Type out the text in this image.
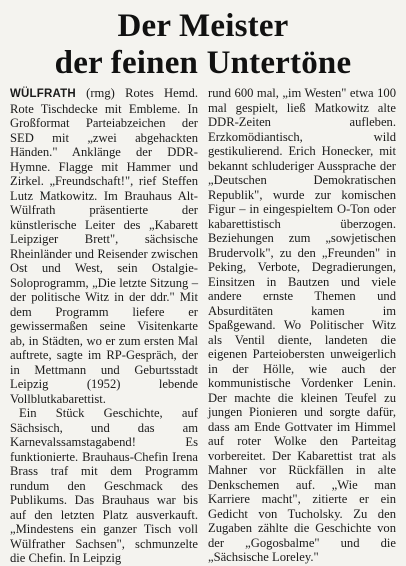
Der Meister
der feinen Untertöne

WÜLFRATH (rmg) Rotes Hemd. Rote Tischdecke mit Embleme. In Großformat Parteiabzeichen der SED mit „zwei abgehackten Händen." Anklänge der DDR- Hymne. Flagge mit Hammer und Zirkel. „Freundschaft!", rief Steffen Lutz Matkowitz. Im Brauhaus Alt-Wülfrath präsentierte der künstlerische Leiter des „Kabarett Leipziger Brett", sächsische Rheinländer und Reisender zwischen Ost und West, sein Ostalgie-Soloprogramm, „Die letzte Sitzung – der politische Witz in der ddr." Mit dem Programm liefere er gewissermaßen seine Visitenkarte ab, in Städten, wo er zum ersten Mal auftrete, sagte im RP-Gespräch, der in Mettmann und Geburtsstadt Leipzig (1952) lebende Vollblutkabarettist.

Ein Stück Geschichte, auf Sächsisch, und das am Karnevalssamstagabend! Es funktionierte. Brauhaus-Chefin Irena Brass traf mit dem Programm rundum den Geschmack des Publikums. Das Brauhaus war bis auf den letzten Platz ausverkauft. „Mindestens ein ganzer Tisch voll Wülfrather Sachsen", schmunzelte die Chefin. In Leipzig

rund 600 mal, „im Westen" etwa 100 mal gespielt, ließ Matkowitz alte DDR-Zeiten aufleben. Erzkomödiantisch, wild gestikulierend. Erich Honecker, mit bekannt schluderiger Aussprache der „Deutschen Demokratischen Republik", wurde zur komischen Figur – in eingespieltem O-Ton oder kabarettistisch überzogen. Beziehungen zum „sowjetischen Brudervolk", zu den „Freunden" in Peking, Verbote, Degradierungen, Einsitzen in Bautzen und viele andere ernste Themen und Absurditäten kamen im Spaßgewand. Wo Politischer Witz als Ventil diente, landeten die eigenen Parteiobersten unweigerlich in der Hölle, wie auch der kommunistische Vordenker Lenin. Der machte die kleinen Teufel zu jungen Pionieren und sorgte dafür, dass am Ende Gottvater im Himmel auf roter Wolke den Parteitag vorbereitet. Der Kabarettist trat als Mahner vor Rückfällen in alte Denkschemen auf. „Wie man Karriere macht", zitierte er ein Gedicht von Tucholsky. Zu den Zugaben zählte die Geschichte von der „Gogosbalme" und die „Sächsische Loreley."
